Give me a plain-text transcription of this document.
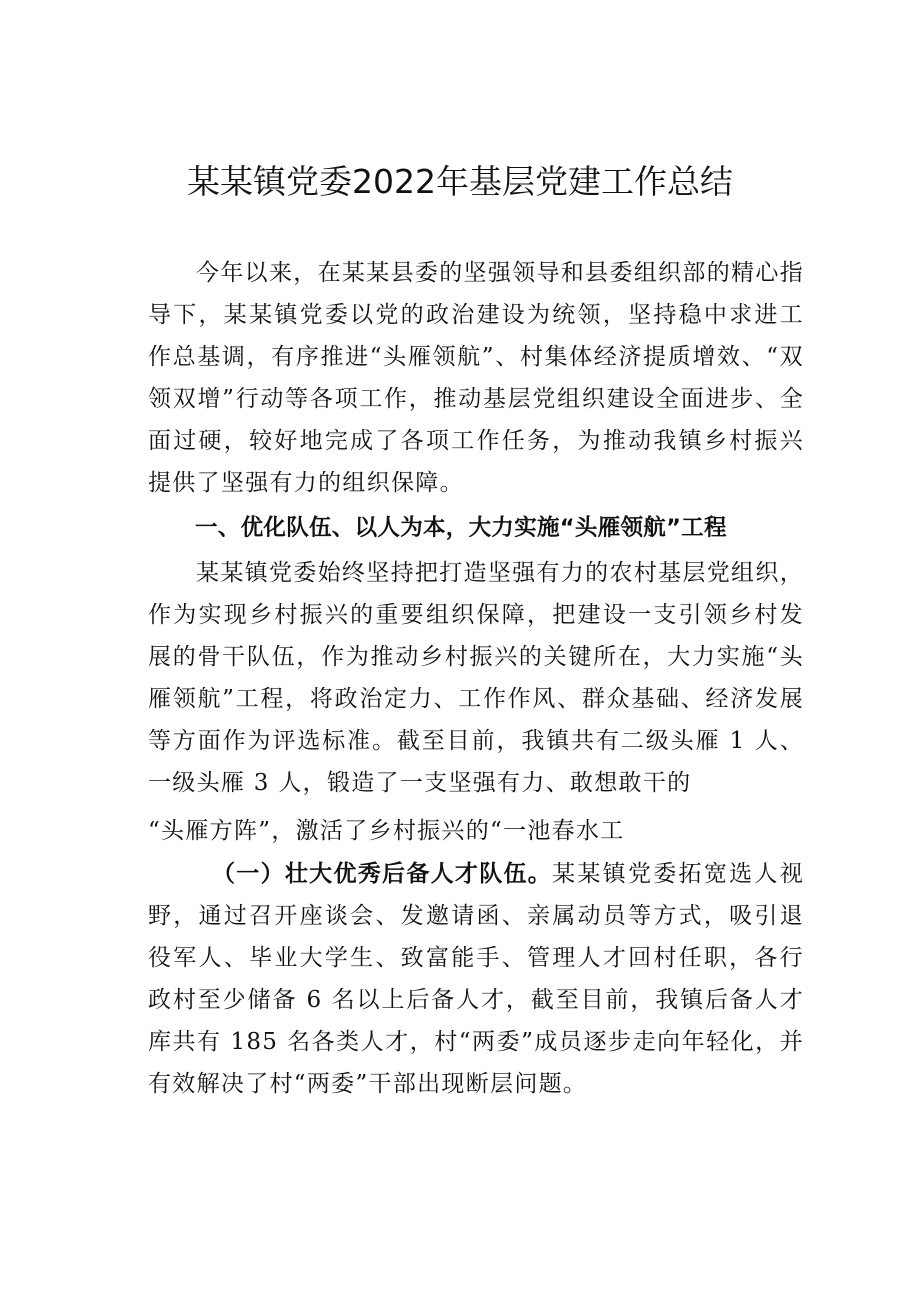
某某镇党委2022年基层党建工作总结
今年以来，在某某县委的坚强领导和县委组织部的精心指导下，某某镇党委以党的政治建设为统领，坚持稳中求进工作总基调，有序推进“头雁领航”、村集体经济提质增效、“双领双增”行动等各项工作，推动基层党组织建设全面进步、全面过硬，较好地完成了各项工作任务，为推动我镇乡村振兴提供了坚强有力的组织保障。
一、优化队伍、以人为本，大力实施“头雁领航”工程
某某镇党委始终坚持把打造坚强有力的农村基层党组织，作为实现乡村振兴的重要组织保障，把建设一支引领乡村发展的骨干队伍，作为推动乡村振兴的关键所在，大力实施“头雁领航”工程，将政治定力、工作作风、群众基础、经济发展等方面作为评选标准。截至目前，我镇共有二级头雁 1 人、一级头雁 3 人，锻造了一支坚强有力、敢想敢干的
“头雁方阵”，激活了乡村振兴的“一池春水工
（一）壮大优秀后备人才队伍。某某镇党委拓宽选人视野，通过召开座谈会、发邀请函、亲属动员等方式，吸引退役军人、毕业大学生、致富能手、管理人才回村任职，各行政村至少储备 6 名以上后备人才，截至目前，我镇后备人才库共有 185 名各类人才，村“两委”成员逐步走向年轻化，并有效解决了村“两委”干部出现断层问题。
